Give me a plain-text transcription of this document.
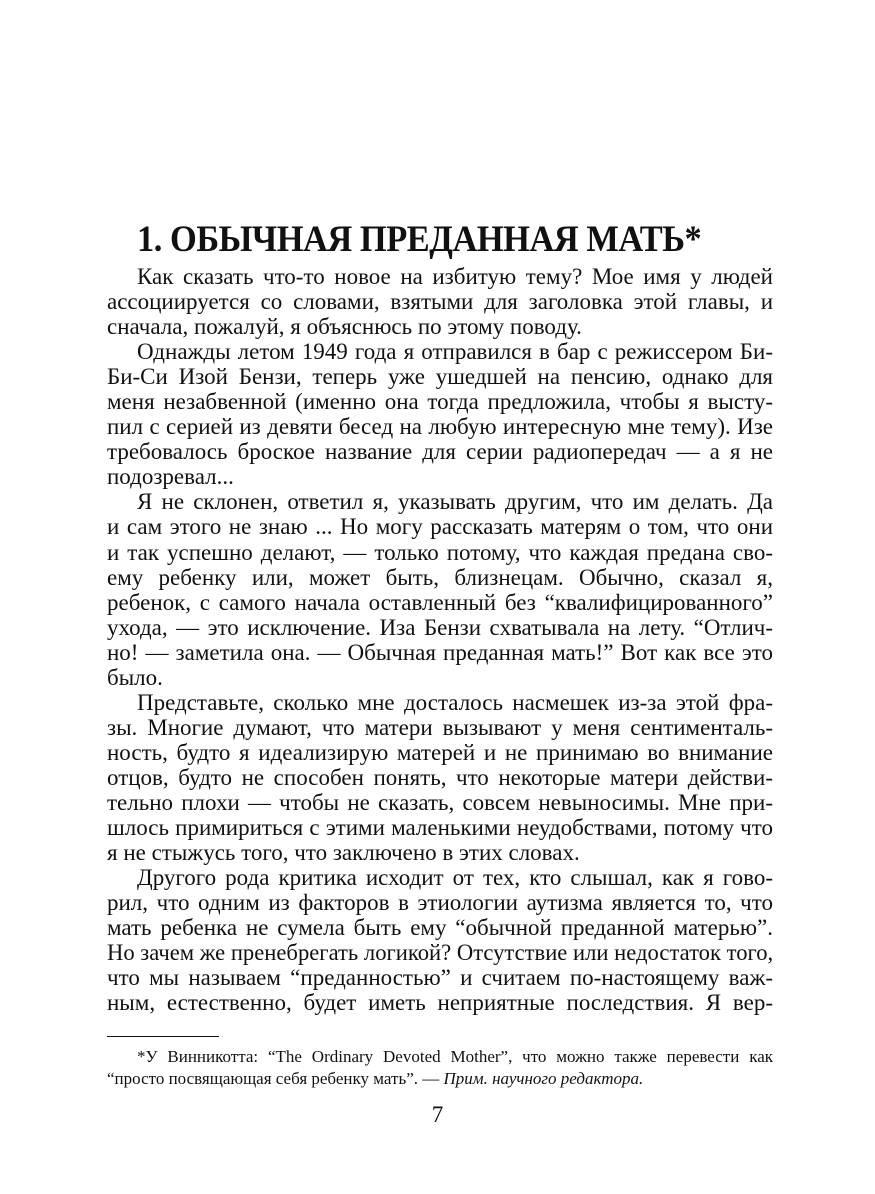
1. ОБЫЧНАЯ ПРЕДАННАЯ МАТЬ*
Как сказать что-то новое на избитую тему? Мое имя у людей
ассоциируется со словами, взятыми для заголовка этой главы, и
сначала, пожалуй, я объяснюсь по этому поводу.
Однажды летом 1949 года я отправился в бар с режиссером Би-
Би-Си Изой Бензи, теперь уже ушедшей на пенсию, однако для
меня незабвенной (именно она тогда предложила, чтобы я высту-
пил с серией из девяти бесед на любую интересную мне тему). Изе
требовалось броское название для серии радиопередач — а я не
подозревал...
Я не склонен, ответил я, указывать другим, что им делать. Да
и сам этого не знаю ... Но могу рассказать матерям о том, что они
и так успешно делают, — только потому, что каждая предана сво-
ему ребенку или, может быть, близнецам. Обычно, сказал я,
ребенок, с самого начала оставленный без “квалифицированного”
ухода, — это исключение. Иза Бензи схватывала на лету. “Отлич-
но! — заметила она. — Обычная преданная мать!” Вот как все это
было.
Представьте, сколько мне досталось насмешек из-за этой фра-
зы. Многие думают, что матери вызывают у меня сентименталь-
ность, будто я идеализирую матерей и не принимаю во внимание
отцов, будто не способен понять, что некоторые матери действи-
тельно плохи — чтобы не сказать, совсем невыносимы. Мне при-
шлось примириться с этими маленькими неудобствами, потому что
я не стыжусь того, что заключено в этих словах.
Другого рода критика исходит от тех, кто слышал, как я гово-
рил, что одним из факторов в этиологии аутизма является то, что
мать ребенка не сумела быть ему “обычной преданной матерью”.
Но зачем же пренебрегать логикой? Отсутствие или недостаток того,
что мы называем “преданностью” и считаем по-настоящему важ-
ным, естественно, будет иметь неприятные последствия. Я вер-
*У Винникотта: “The Ordinary Devoted Mother”, что можно также перевести как
“просто посвящающая себя ребенку мать”. — Прим. научного редактора.
7
